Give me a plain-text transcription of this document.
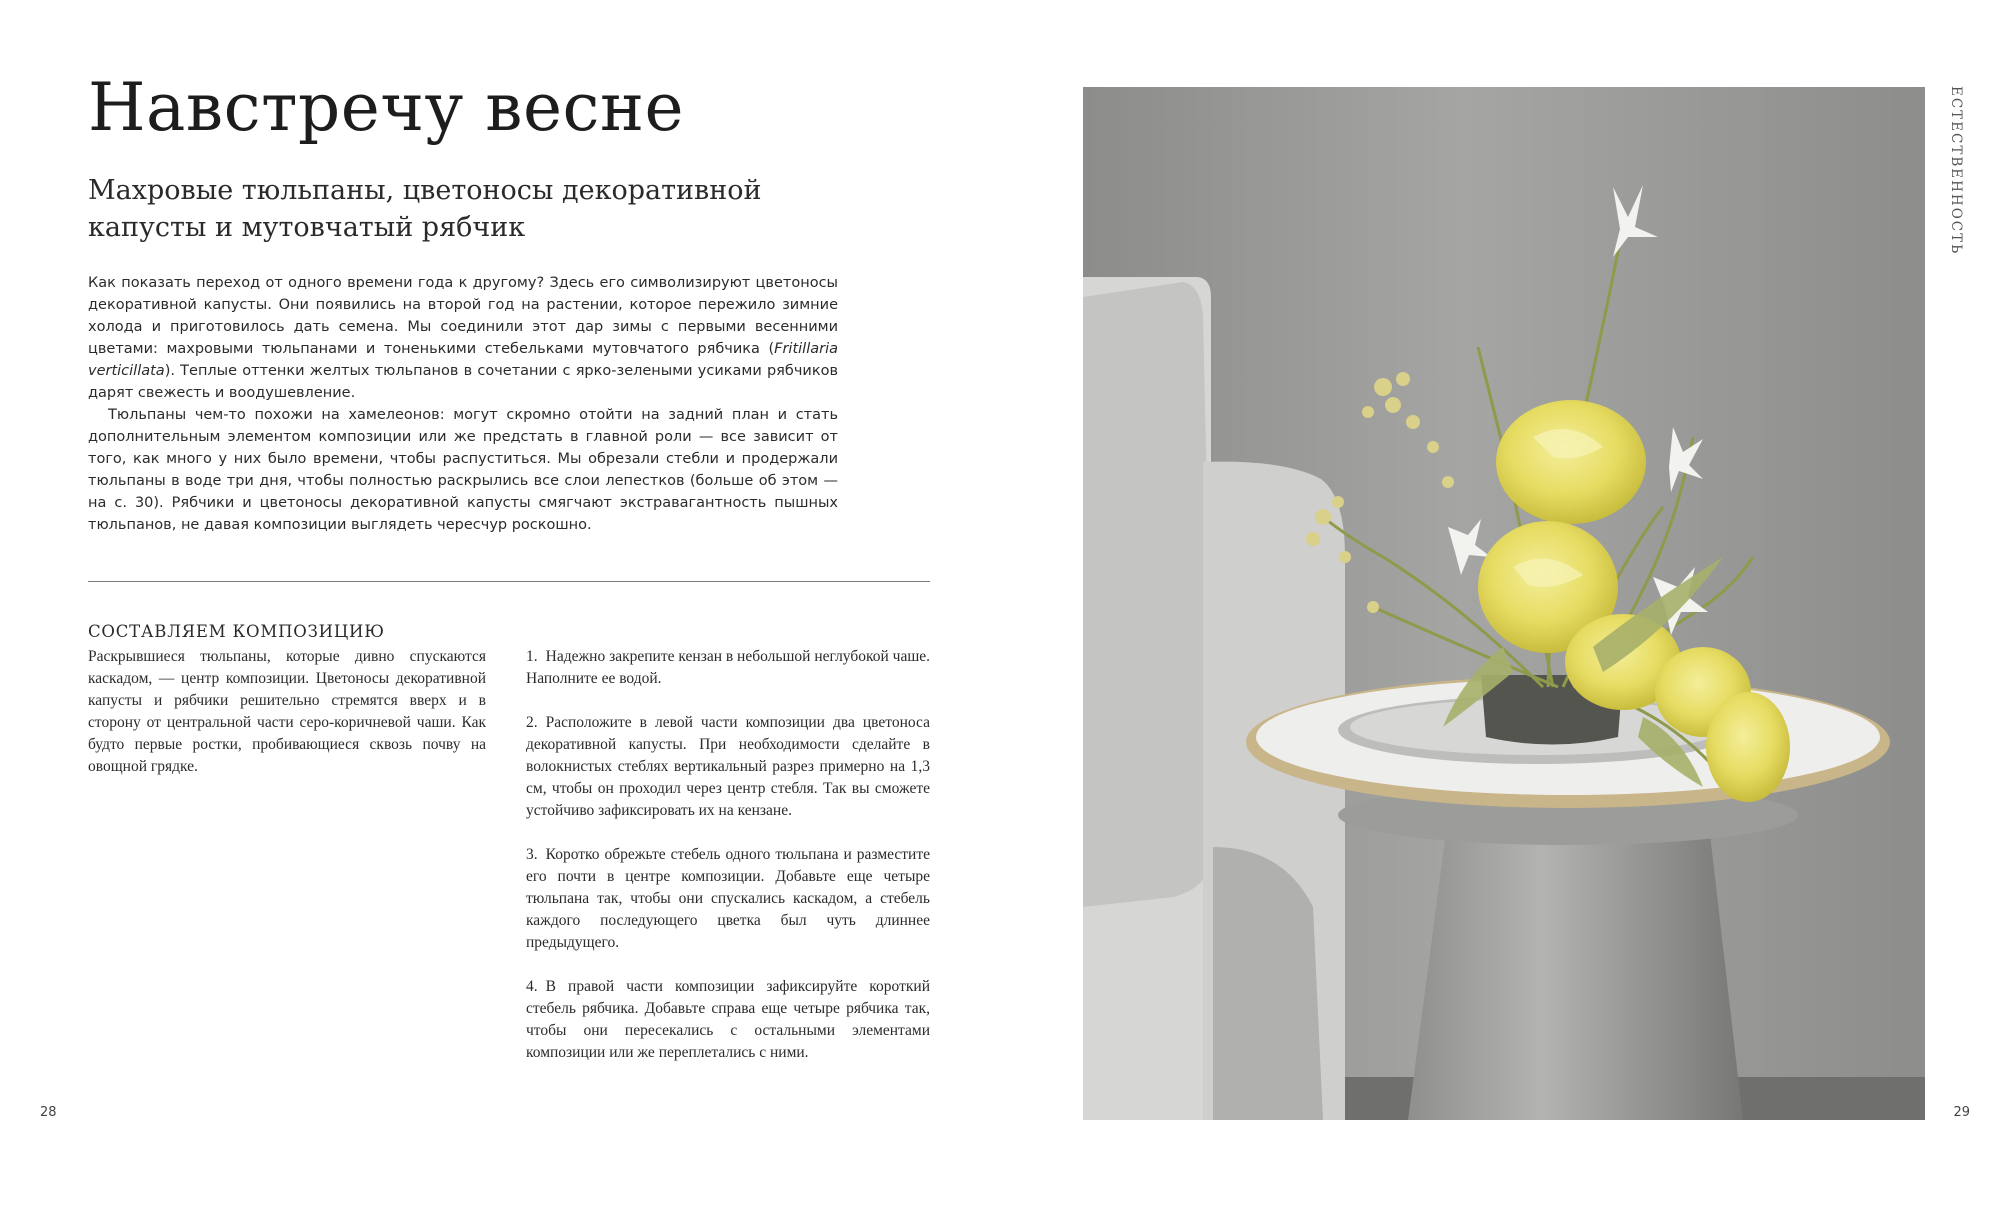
Навстречу весне
Махровые тюльпаны, цветоносы декоративной капусты и мутовчатый рябчик

Как показать переход от одного времени года к другому? Здесь его символизируют цветоносы декоративной капусты. Они появились на второй год на растении, которое пережило зимние холода и приготовилось дать семена. Мы соединили этот дар зимы с первыми весенними цветами: махровыми тюльпанами и тоненькими стебельками мутовчатого рябчика (Fritillaria verticillata). Теплые оттенки желтых тюльпанов в сочетании с ярко-зелеными усиками рябчиков дарят свежесть и воодушевление.

Тюльпаны чем-то похожи на хамелеонов: могут скромно отойти на задний план и стать дополнительным элементом композиции или же предстать в главной роли — все зависит от того, как много у них было времени, чтобы распуститься. Мы обрезали стебли и продержали тюльпаны в воде три дня, чтобы полностью раскрылись все слои лепестков (больше об этом — на с. 30). Рябчики и цветоносы декоративной капусты смягчают экстравагантность пышных тюльпанов, не давая композиции выглядеть чересчур роскошно.

СОСТАВЛЯЕМ КОМПОЗИЦИЮ
Раскрывшиеся тюльпаны, которые дивно спускаются каскадом, — центр композиции. Цветоносы декоративной капусты и рябчики решительно стремятся вверх и в сторону от центральной части серо-коричневой чаши. Как будто первые ростки, пробивающиеся сквозь почву на овощной грядке.

1. Надежно закрепите кензан в небольшой неглубокой чаше. Наполните ее водой.

2. Расположите в левой части композиции два цветоноса декоративной капусты. При необходимости сделайте в волокнистых стеблях вертикальный разрез примерно на 1,3 см, чтобы он проходил через центр стебля. Так вы сможете устойчиво зафиксировать их на кензане.

3. Коротко обрежьте стебель одного тюльпана и разместите его почти в центре композиции. Добавьте еще четыре тюльпана так, чтобы они спускались каскадом, а стебель каждого последующего цветка был чуть длиннее предыдущего.

4. В правой части композиции зафиксируйте короткий стебель рябчика. Добавьте справа еще четыре рябчика так, чтобы они пересекались с остальными элементами композиции или же переплетались с ними.

28	29
ЕСТЕСТВЕННОСТЬ
